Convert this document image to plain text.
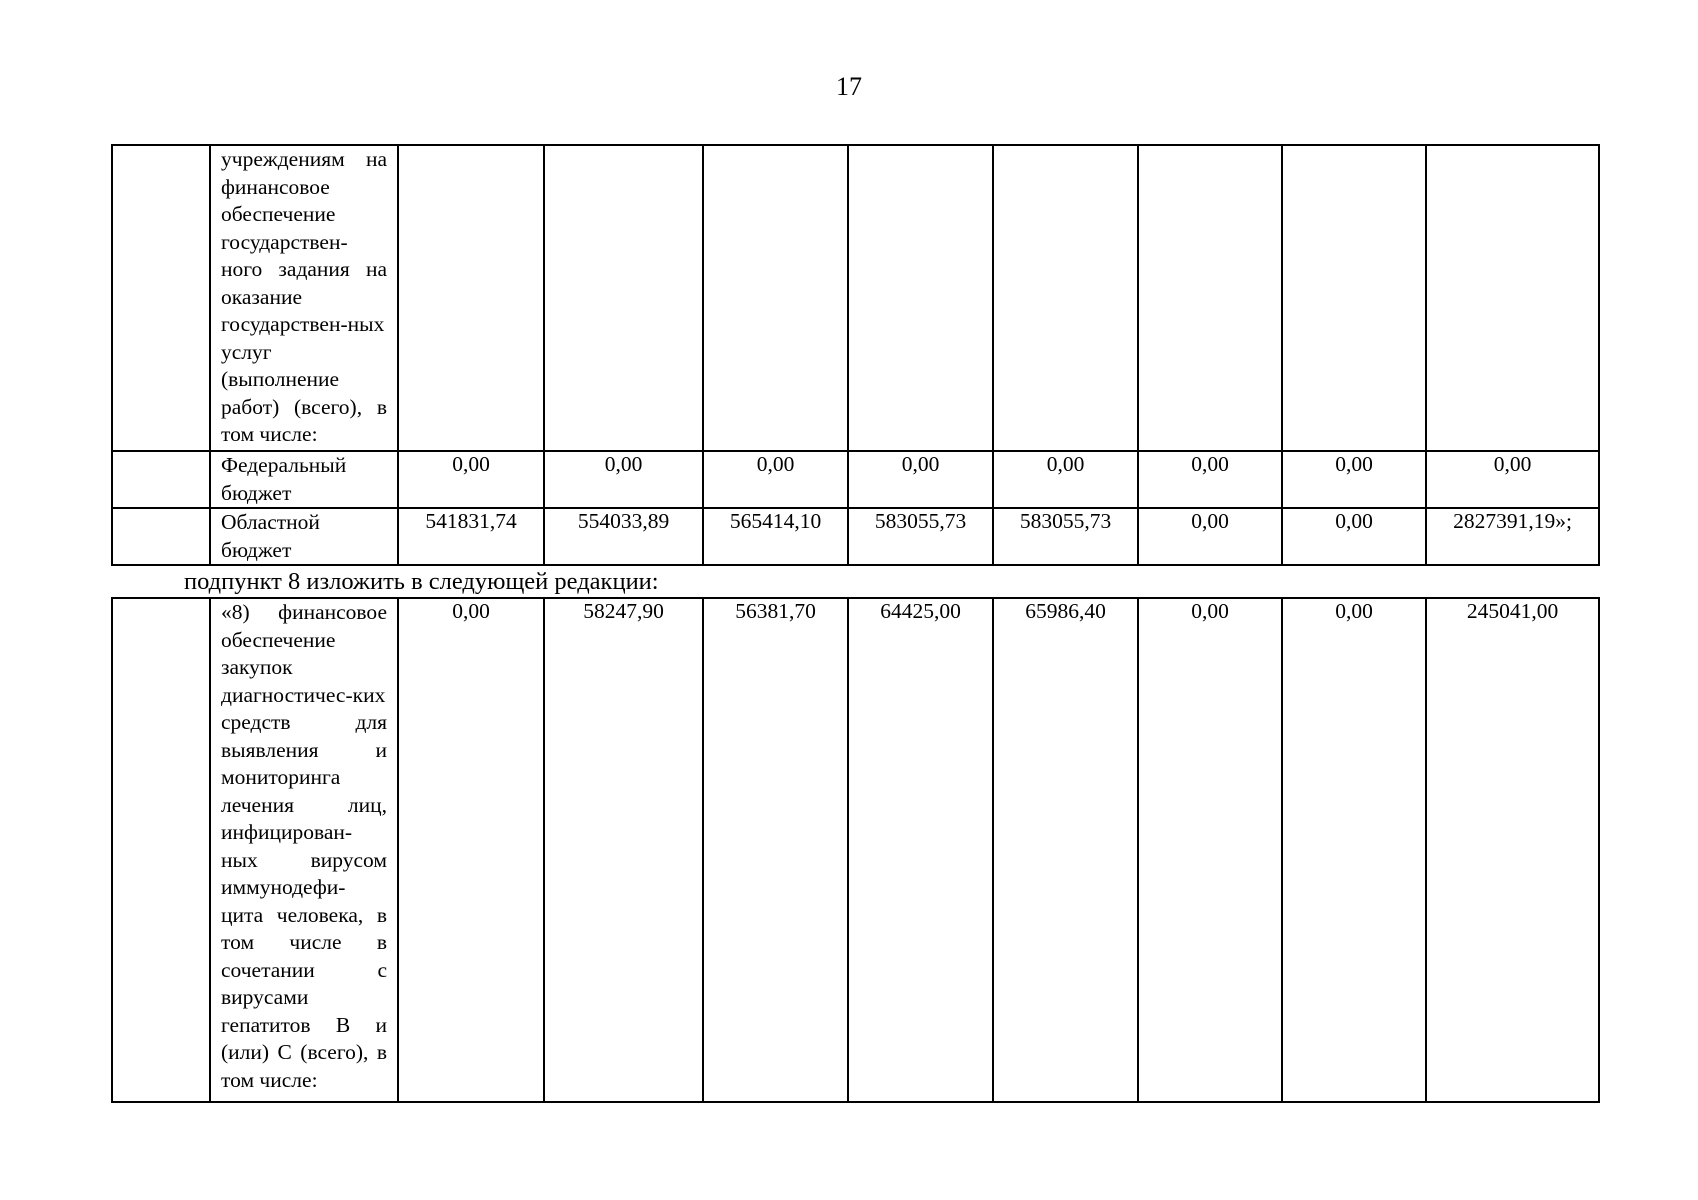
17
	учреждениям на финансовое обеспечение государствен-ного задания на оказание государствен-ных услуг (выполнение работ) (всего), в том числе:								
	Федеральный бюджет	0,00	0,00	0,00	0,00	0,00	0,00	0,00	0,00
	Областной бюджет	541831,74	554033,89	565414,10	583055,73	583055,73	0,00	0,00	2827391,19»;
подпункт 8 изложить в следующей редакции:
	«8) финансовое обеспечение закупок диагностичес-ких средств для выявления и мониторинга лечения лиц, инфицирован-ных вирусом иммунодефи-цита человека, в том числе в сочетании с вирусами гепатитов В и (или) С (всего), в том числе:	0,00	58247,90	56381,70	64425,00	65986,40	0,00	0,00	245041,00
